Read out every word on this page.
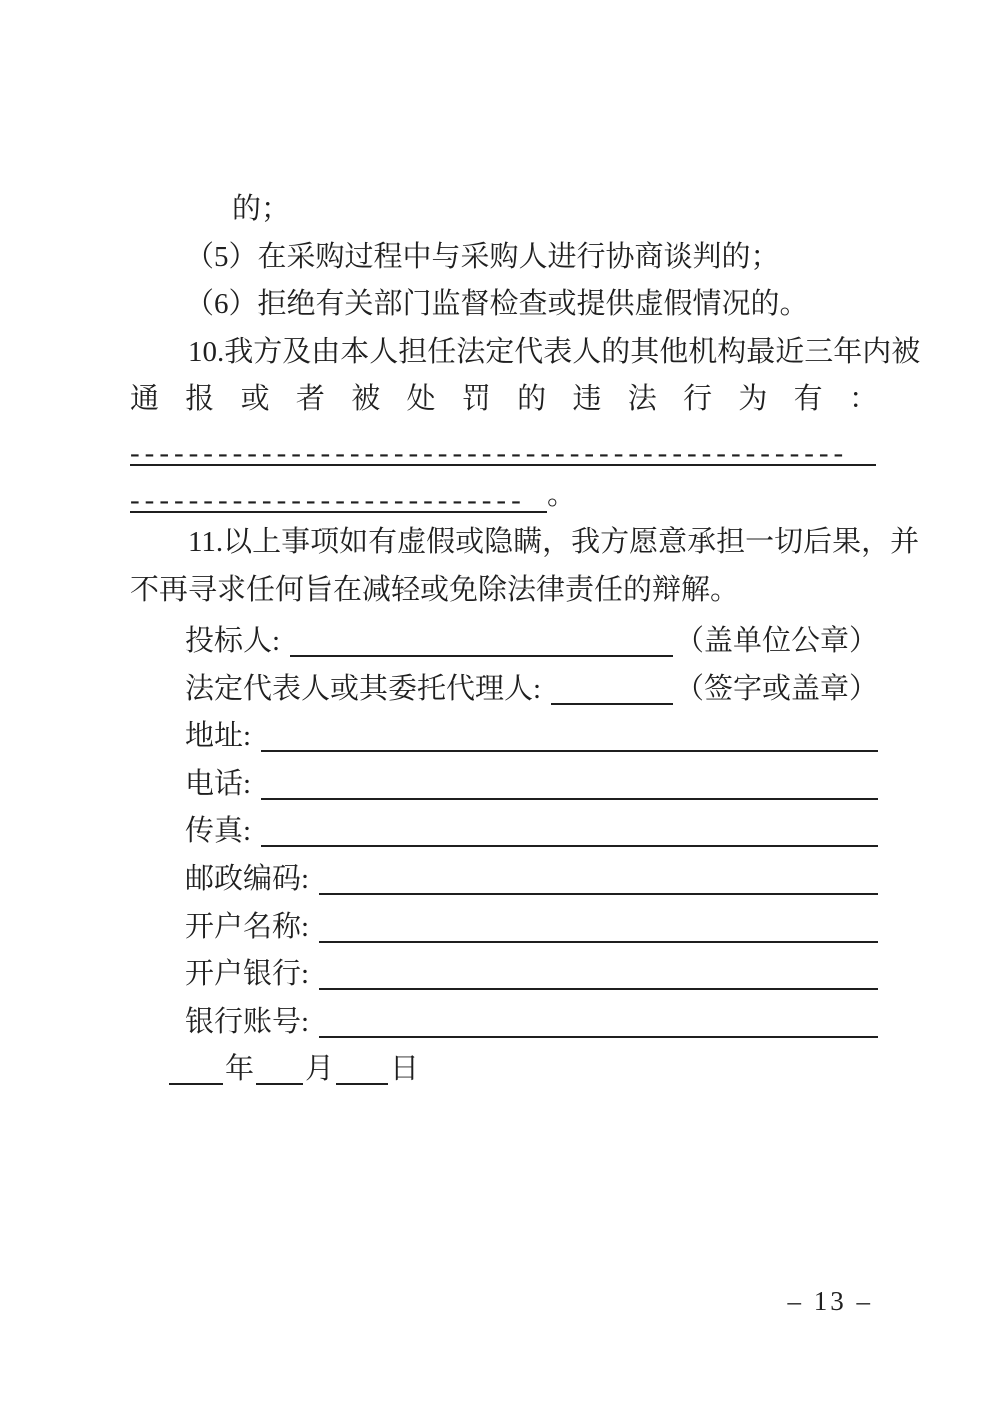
的；
（5）在采购过程中与采购人进行协商谈判的；
（6）拒绝有关部门监督检查或提供虚假情况的。
10.我方及由本人担任法定代表人的其他机构最近三年内被
通报或者被处罚的违法行为有：
-------------------------------------------------
--------------------------- 。
11.以上事项如有虚假或隐瞒，我方愿意承担一切后果，并
不再寻求任何旨在减轻或免除法律责任的辩解。
投标人:	（盖单位公章）
法定代表人或其委托代理人:	（签字或盖章）
地址:
电话:
传真:
邮政编码:
开户名称:
开户银行:
银行账号:
年 月 日
– 13 –
